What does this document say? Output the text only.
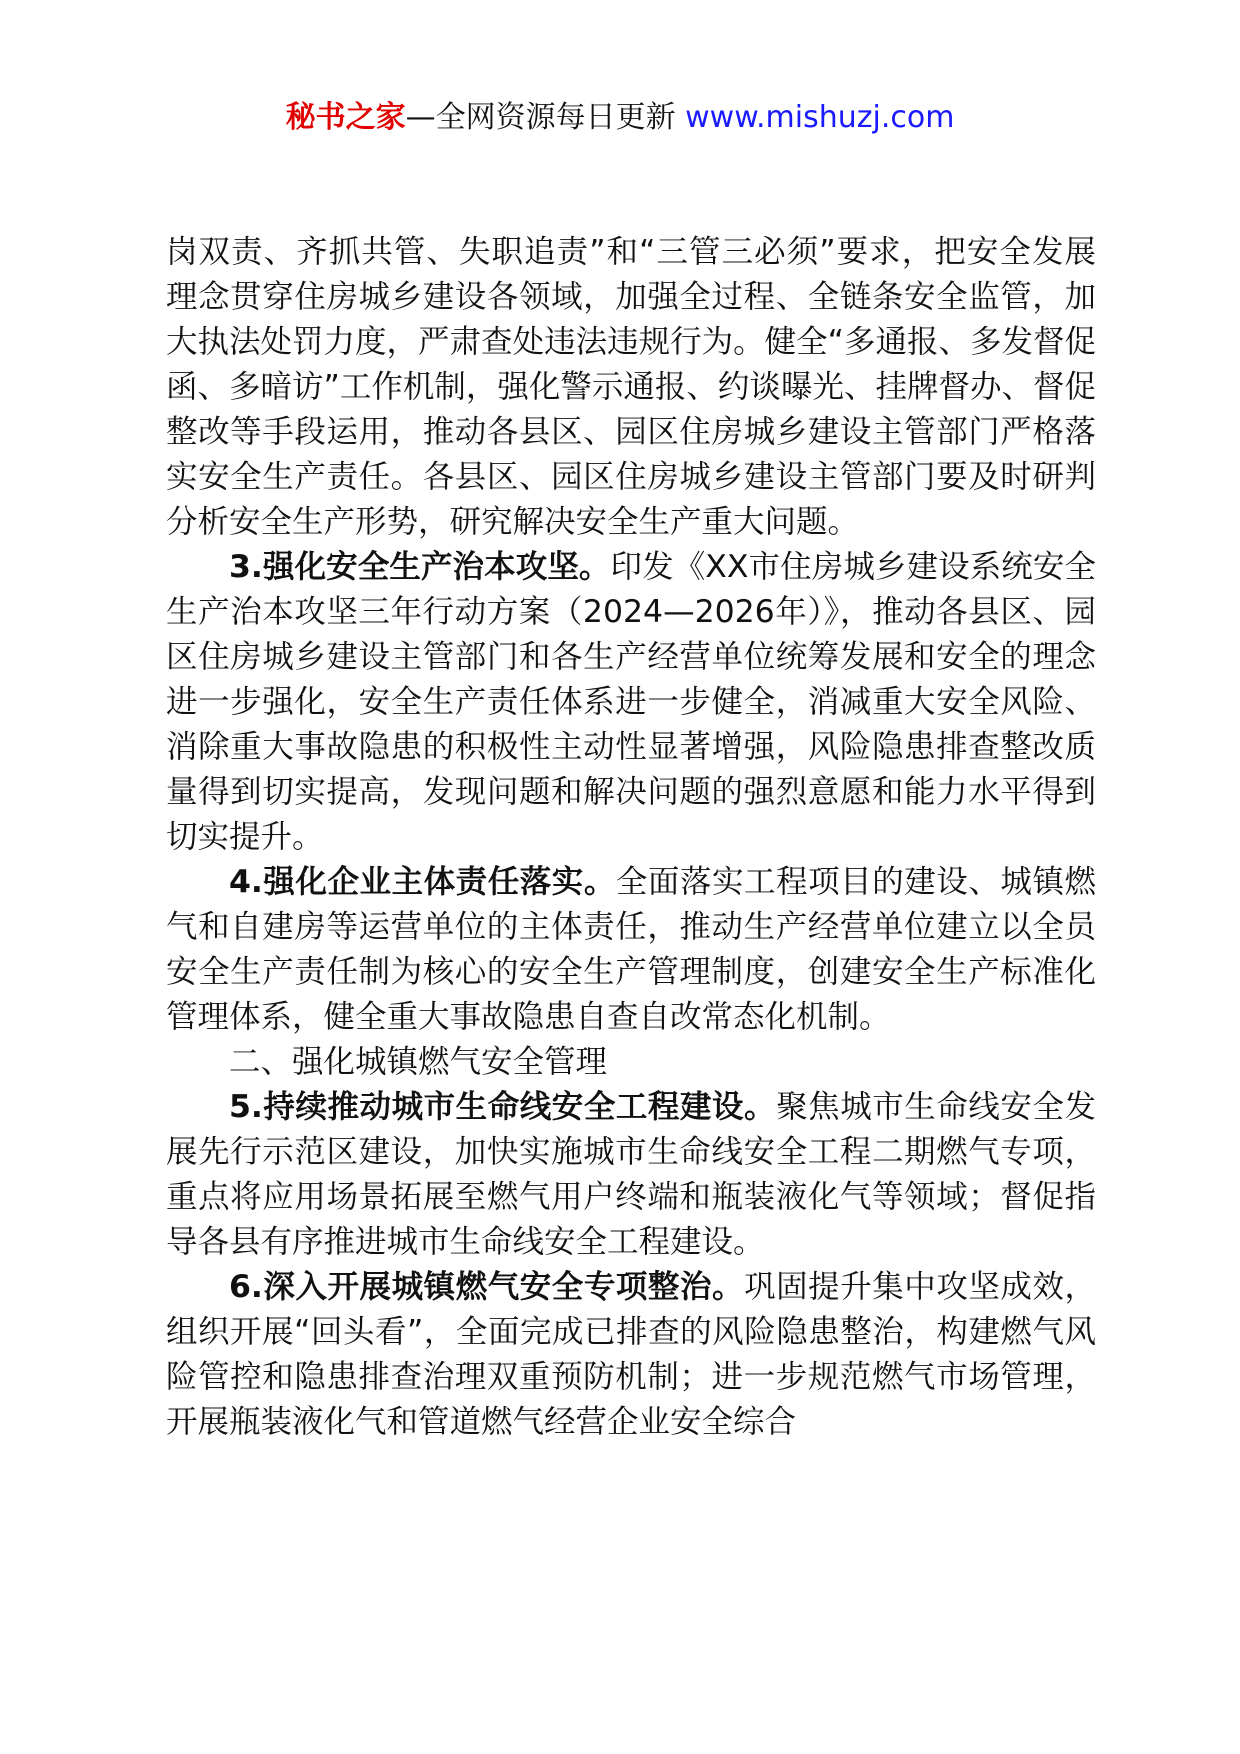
秘书之家—全网资源每日更新 www.mishuzj.com

岗双责、齐抓共管、失职追责”和“三管三必须”要求，把安全发展理念贯穿住房城乡建设各领域，加强全过程、全链条安全监管，加大执法处罚力度，严肃查处违法违规行为。健全“多通报、多发督促函、多暗访”工作机制，强化警示通报、约谈曝光、挂牌督办、督促整改等手段运用，推动各县区、园区住房城乡建设主管部门严格落实安全生产责任。各县区、园区住房城乡建设主管部门要及时研判分析安全生产形势，研究解决安全生产重大问题。

3.强化安全生产治本攻坚。印发《XX市住房城乡建设系统安全生产治本攻坚三年行动方案（2024—2026年）》，推动各县区、园区住房城乡建设主管部门和各生产经营单位统筹发展和安全的理念进一步强化，安全生产责任体系进一步健全，消减重大安全风险、消除重大事故隐患的积极性主动性显著增强，风险隐患排查整改质量得到切实提高，发现问题和解决问题的强烈意愿和能力水平得到切实提升。

4.强化企业主体责任落实。全面落实工程项目的建设、城镇燃气和自建房等运营单位的主体责任，推动生产经营单位建立以全员安全生产责任制为核心的安全生产管理制度，创建安全生产标准化管理体系，健全重大事故隐患自查自改常态化机制。

二、强化城镇燃气安全管理

5.持续推动城市生命线安全工程建设。聚焦城市生命线安全发展先行示范区建设，加快实施城市生命线安全工程二期燃气专项，重点将应用场景拓展至燃气用户终端和瓶装液化气等领域；督促指导各县有序推进城市生命线安全工程建设。

6.深入开展城镇燃气安全专项整治。巩固提升集中攻坚成效，组织开展“回头看”，全面完成已排查的风险隐患整治，构建燃气风险管控和隐患排查治理双重预防机制；进一步规范燃气市场管理，开展瓶装液化气和管道燃气经营企业安全综合
